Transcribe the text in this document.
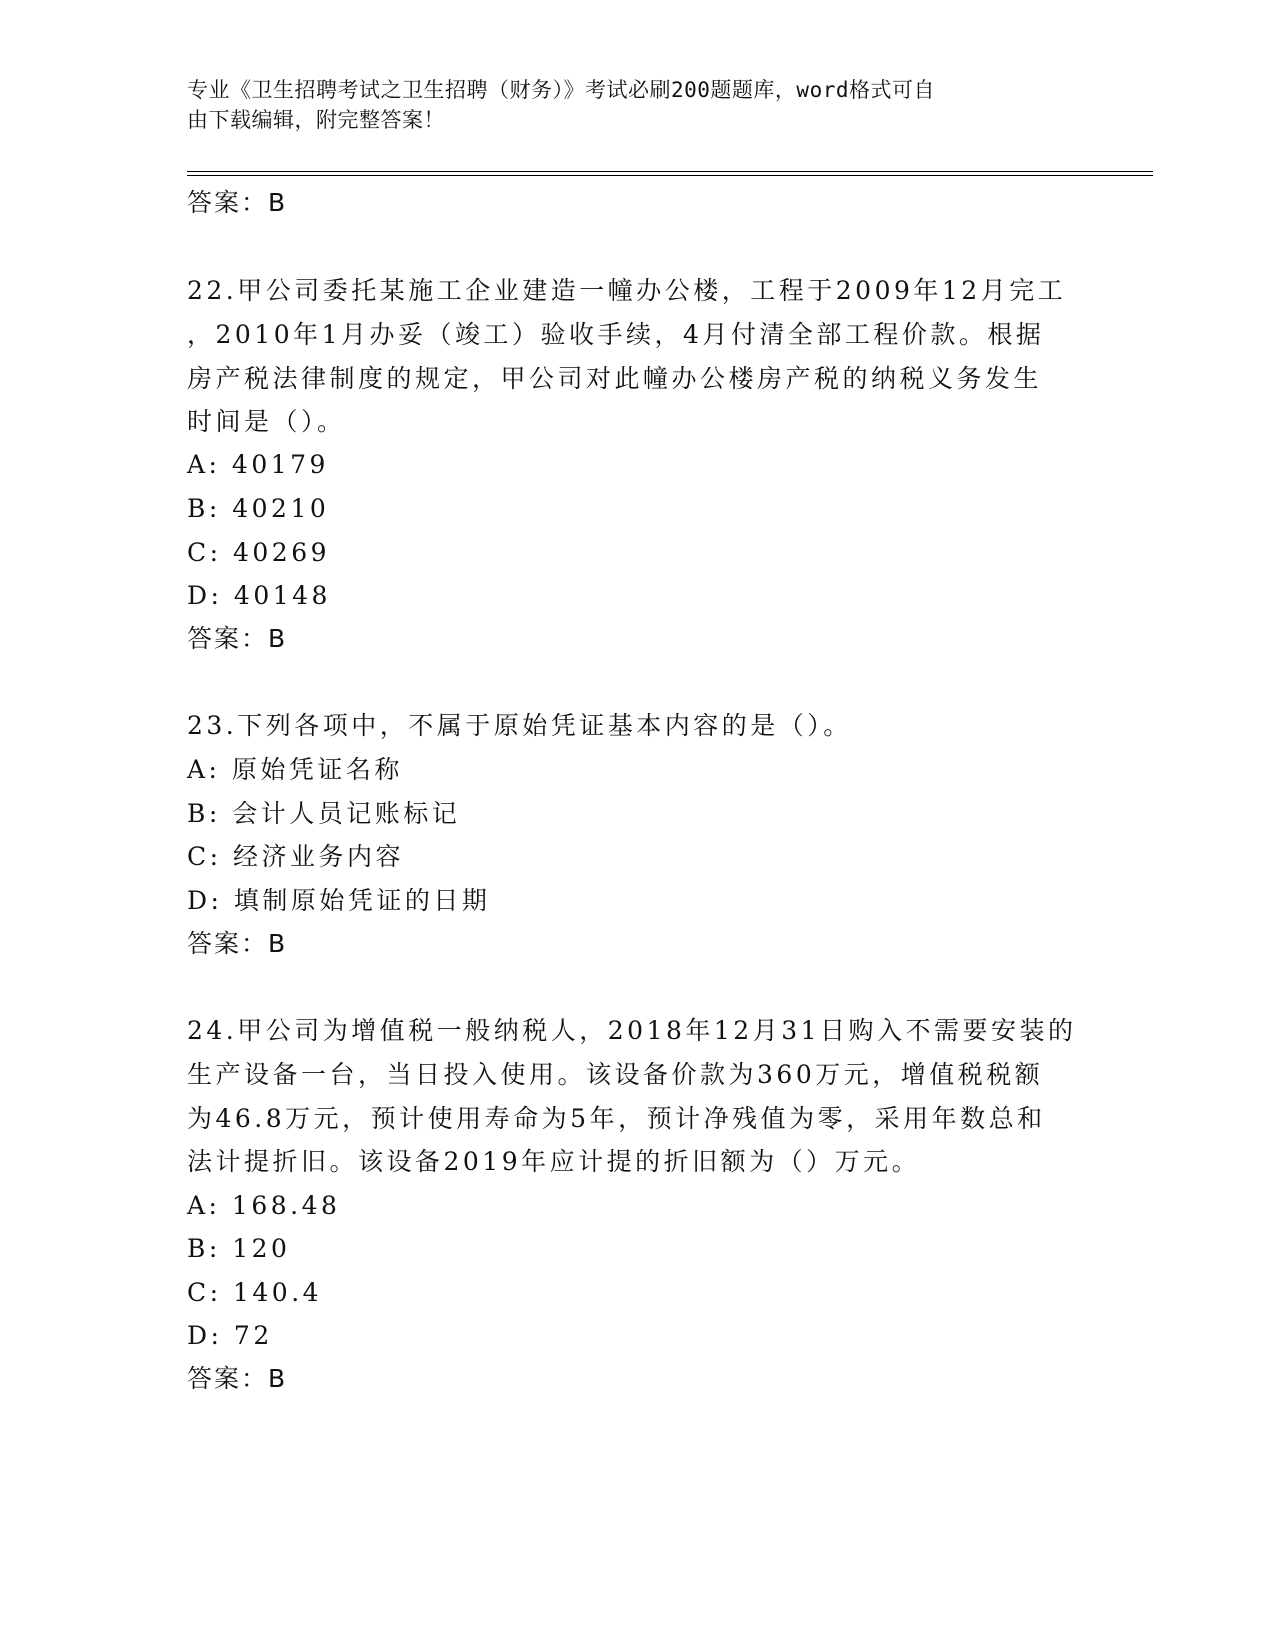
专业《卫生招聘考试之卫生招聘（财务）》考试必刷200题题库，word格式可自
由下载编辑，附完整答案！
答案：B
22.甲公司委托某施工企业建造一幢办公楼，工程于2009年12月完工
，2010年1月办妥（竣工）验收手续，4月付清全部工程价款。根据
房产税法律制度的规定，甲公司对此幢办公楼房产税的纳税义务发生
时间是（）。
A: 40179
B: 40210
C: 40269
D: 40148
答案：B
23.下列各项中，不属于原始凭证基本内容的是（）。
A: 原始凭证名称
B: 会计人员记账标记
C: 经济业务内容
D: 填制原始凭证的日期
答案：B
24.甲公司为增值税一般纳税人，2018年12月31日购入不需要安装的
生产设备一台，当日投入使用。该设备价款为360万元，增值税税额
为46.8万元，预计使用寿命为5年，预计净残值为零，采用年数总和
法计提折旧。该设备2019年应计提的折旧额为（）万元。
A: 168.48
B: 120
C: 140.4
D: 72
答案：B
